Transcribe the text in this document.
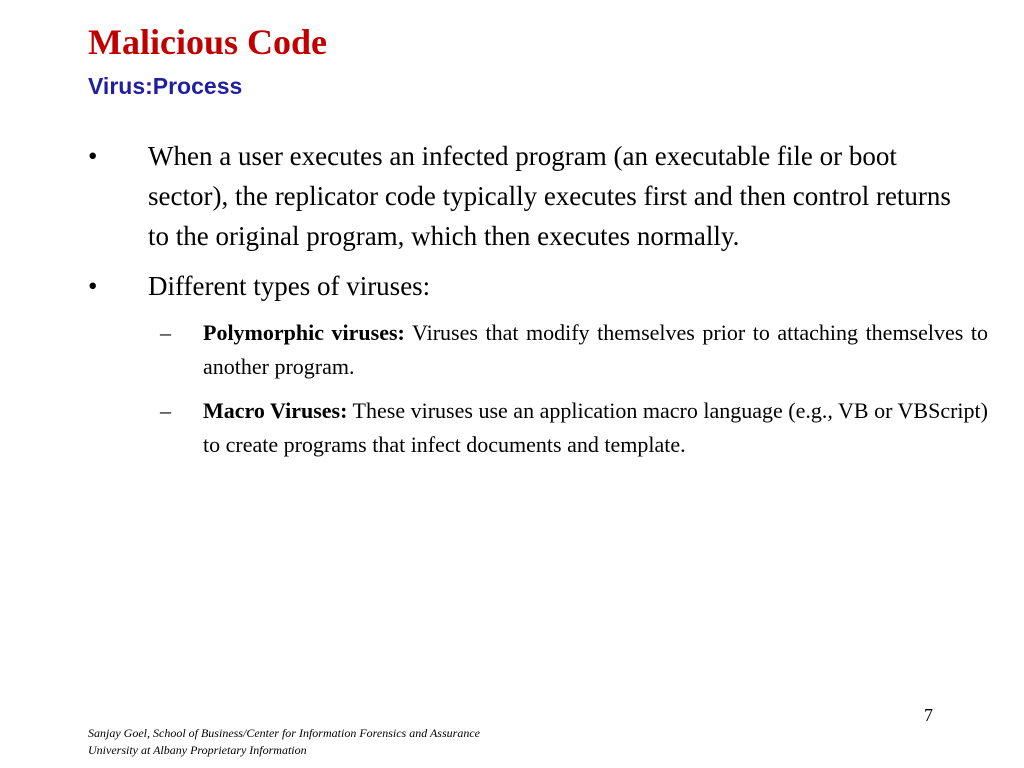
Malicious Code
Virus:Process
•	When a user executes an infected program (an executable file or boot sector), the replicator code typically executes first and then control returns to the original program, which then executes normally.
•	Different types of viruses:
– Polymorphic viruses: Viruses that modify themselves prior to attaching themselves to another program.
– Macro Viruses: These viruses use an application macro language (e.g., VB or VBScript) to create programs that infect documents and template.
7
Sanjay Goel, School of Business/Center for Information Forensics and Assurance
University at Albany Proprietary Information
